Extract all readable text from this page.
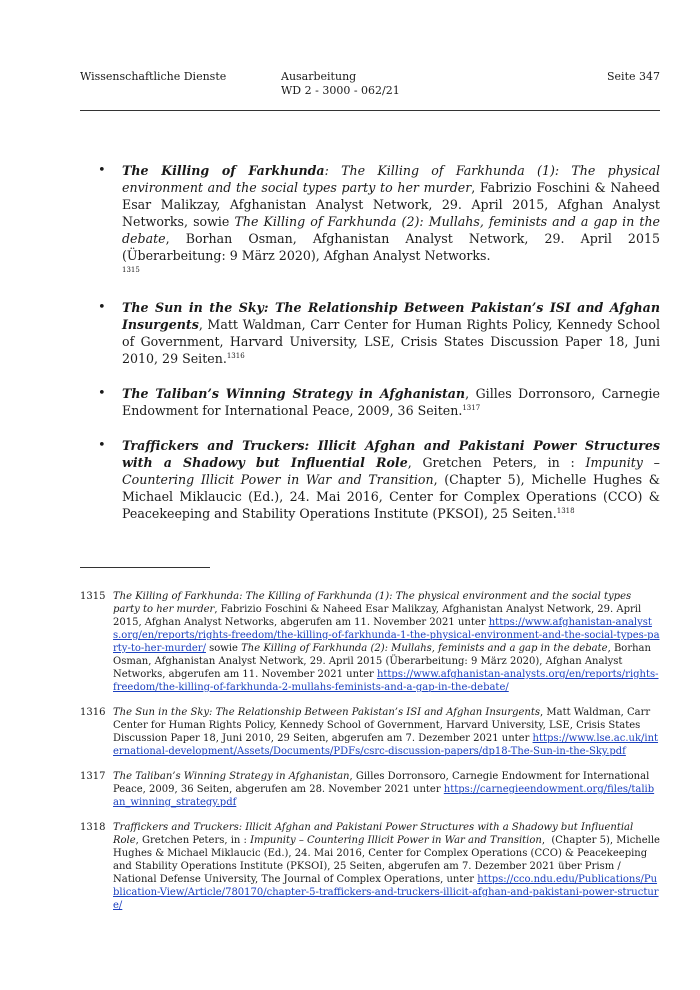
Wissenschaftliche Dienste	Ausarbeitung
WD 2 - 3000 - 062/21
Seite 347
• The Killing of Farkhunda: The Killing of Farkhunda (1): The physical environment and the social types party to her murder, Fabrizio Foschini & Naheed Esar Malikzay, Afghanistan Analyst Network, 29. April 2015, Afghan Analyst Networks, sowie The Killing of Farkhunda (2): Mullahs, feminists and a gap in the debate, Borhan Osman, Afghanistan Analyst Network, 29. April 2015 (Überarbeitung: 9 März 2020), Afghan Analyst Networks.
$^{1315}$
• The Sun in the Sky: The Relationship Between Pakistan’s ISI and Afghan Insurgents, Matt Waldman, Carr Center for Human Rights Policy, Kennedy School of Government, Harvard University, LSE, Crisis States Discussion Paper 18, Juni 2010, 29 Seiten.$^{1316}$
• The Taliban’s Winning Strategy in Afghanistan, Gilles Dorronsoro, Carnegie Endowment for International Peace, 2009, 36 Seiten.$^{1317}$
• Traffickers and Truckers: Illicit Afghan and Pakistani Power Structures with a Shadowy but Influential Role, Gretchen Peters, in : Impunity – Countering Illicit Power in War and Transition, (Chapter 5), Michelle Hughes & Michael Miklaucic (Ed.), 24. Mai 2016, Center for Complex Operations (CCO) & Peacekeeping and Stability Operations Institute (PKSOI), 25 Seiten.$^{1318}$
1315 The Killing of Farkhunda: The Killing of Farkhunda (1): The physical environment and the social types party to her murder, Fabrizio Foschini & Naheed Esar Malikzay, Afghanistan Analyst Network, 29. April 2015, Afghan Analyst Networks, abgerufen am 11. November 2021 unter https://www.afghanistan-analysts.org/en/reports/rights-freedom/the-killing-of-farkhunda-1-the-physical-environment-and-the-social-types-party-to-her-murder/ sowie The Killing of Farkhunda (2): Mullahs, feminists and a gap in the debate, Borhan Osman, Afghanistan Analyst Network, 29. April 2015 (Überarbeitung: 9 März 2020), Afghan Analyst Networks, abgerufen am 11. November 2021 unter https://www.afghanistan-analysts.org/en/reports/rights-freedom/the-killing-of-farkhunda-2-mullahs-feminists-and-a-gap-in-the-debate/
1316 The Sun in the Sky: The Relationship Between Pakistan’s ISI and Afghan Insurgents, Matt Waldman, Carr Center for Human Rights Policy, Kennedy School of Government, Harvard University, LSE, Crisis States Discussion Paper 18, Juni 2010, 29 Seiten, abgerufen am 7. Dezember 2021 unter https://www.lse.ac.uk/international-development/Assets/Documents/PDFs/csrc-discussion-papers/dp18-The-Sun-in-the-Sky.pdf
1317 The Taliban’s Winning Strategy in Afghanistan, Gilles Dorronsoro, Carnegie Endowment for International Peace, 2009, 36 Seiten, abgerufen am 28. November 2021 unter https://carnegieendowment.org/files/taliban_winning_strategy.pdf
1318 Traffickers and Truckers: Illicit Afghan and Pakistani Power Structures with a Shadowy but Influential Role, Gretchen Peters, in : Impunity – Countering Illicit Power in War and Transition,  (Chapter 5), Michelle Hughes & Michael Miklaucic (Ed.), 24. Mai 2016, Center for Complex Operations (CCO) & Peacekeeping and Stability Operations Institute (PKSOI), 25 Seiten, abgerufen am 7. Dezember 2021 über Prism / National Defense University, The Journal of Complex Operations, unter https://cco.ndu.edu/Publications/Publication-View/Article/780170/chapter-5-traffickers-and-truckers-illicit-afghan-and-pakistani-power-structure/
